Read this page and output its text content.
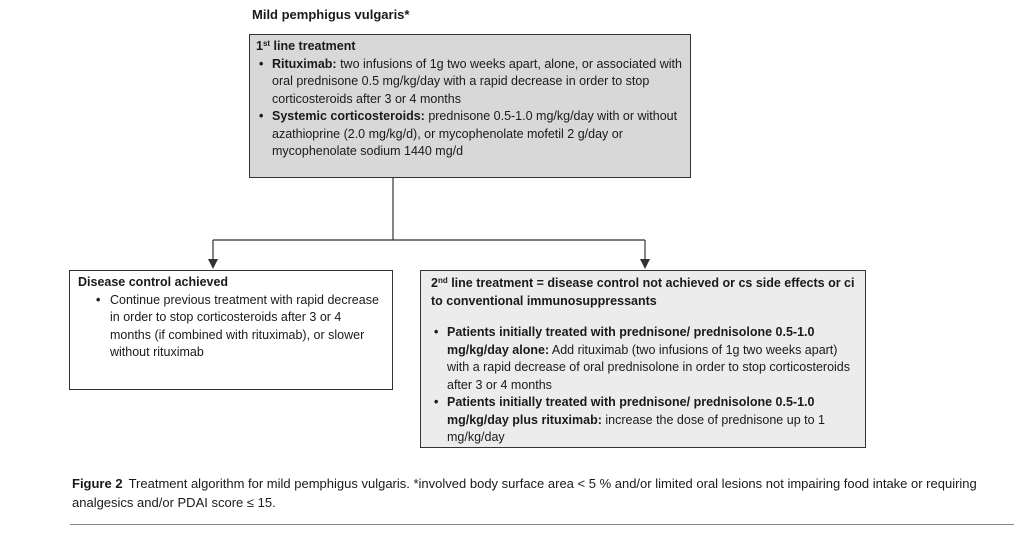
Mild pemphigus vulgaris*
1st line treatment
• Rituximab: two infusions of 1g two weeks apart, alone, or associated with oral prednisone 0.5 mg/kg/day with a rapid decrease in order to stop corticosteroids after 3 or 4 months
• Systemic corticosteroids: prednisone 0.5-1.0 mg/kg/day with or without azathioprine (2.0 mg/kg/d), or mycophenolate mofetil 2 g/day or mycophenolate sodium 1440 mg/d
Disease control achieved
• Continue previous treatment with rapid decrease in order to stop corticosteroids after 3 or 4 months (if combined with rituximab), or slower without rituximab
2nd line treatment = disease control not achieved or cs side effects or ci to conventional immunosuppressants
• Patients initially treated with prednisone/ prednisolone 0.5-1.0 mg/kg/day alone: Add rituximab (two infusions of 1g two weeks apart) with a rapid decrease of oral prednisolone in order to stop corticosteroids after 3 or 4 months
• Patients initially treated with prednisone/ prednisolone 0.5-1.0 mg/kg/day plus rituximab: increase the dose of prednisone up to 1 mg/kg/day
Figure 2 Treatment algorithm for mild pemphigus vulgaris. *involved body surface area < 5 % and/or limited oral lesions not impairing food intake or requiring analgesics and/or PDAI score ≤ 15.
